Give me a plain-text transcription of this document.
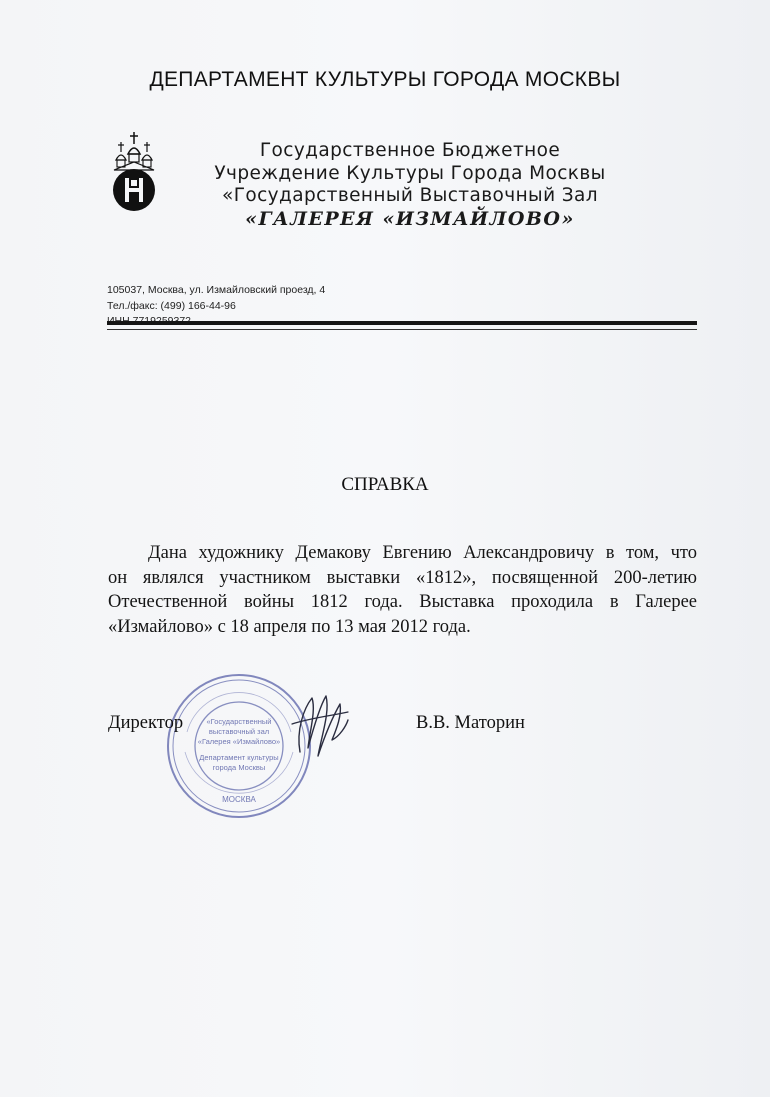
ДЕПАРТАМЕНТ КУЛЬТУРЫ ГОРОДА МОСКВЫ
Государственное Бюджетное
Учреждение Культуры Города Москвы
«Государственный Выставочный Зал
«ГАЛЕРЕЯ «ИЗМАЙЛОВО»
105037, Москва, ул. Измайловский проезд, 4
Тел./факс: (499) 166-44-96
СПРАВКА
Дана художнику Демакову Евгению Александровичу в том, что
он являлся участником выставки «1812», посвященной 200-летию
Отечественной войны 1812 года. Выставка проходила в Галерее
«Измайлово» с 18 апреля по 13 мая 2012 года.
«Государственный
выставочный зал
«Галерея «Измайлово»
Департамент культуры
города Москвы
МОСКВА
Директор	В.В. Маторин
